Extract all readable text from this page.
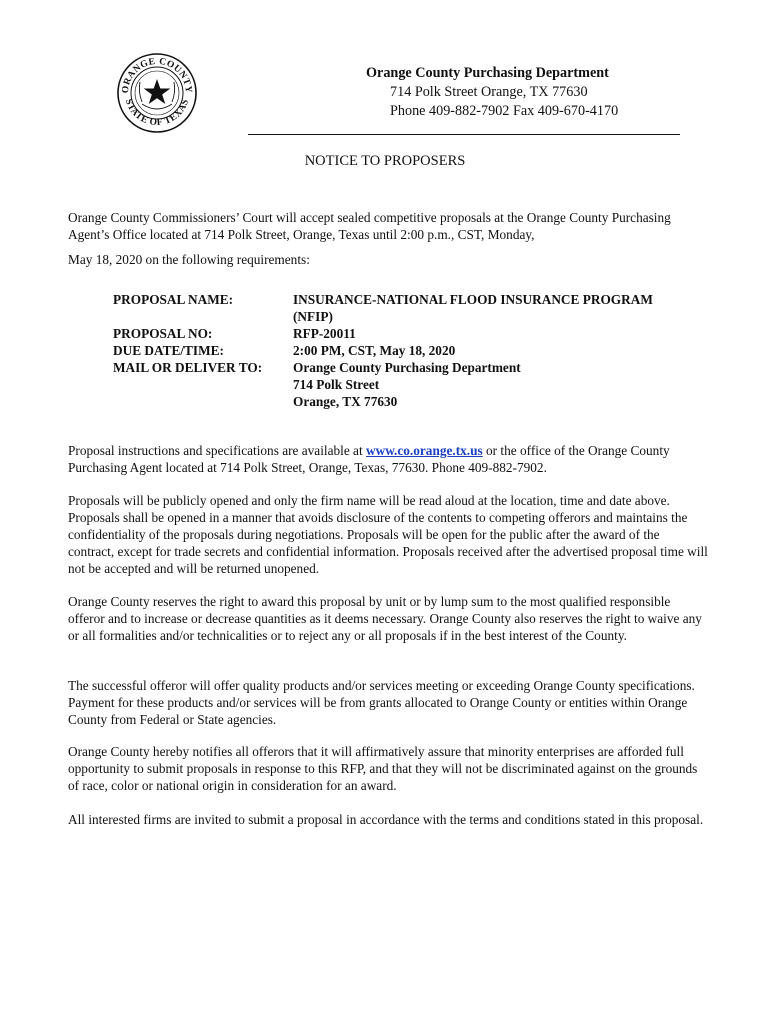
ORANGE COUNTY
STATE OF TEXAS
Orange County Purchasing Department
714 Polk Street Orange, TX 77630
Phone 409-882-7902 Fax 409-670-4170
NOTICE TO PROPOSERS
Orange County Commissioners’ Court will accept sealed competitive proposals at the Orange County Purchasing
Agent’s Office located at 714 Polk Street, Orange, Texas until 2:00 p.m., CST, Monday,
May 18, 2020 on the following requirements:
PROPOSAL NAME:	INSURANCE-NATIONAL FLOOD INSURANCE PROGRAM
(NFIP)
PROPOSAL NO:	RFP-20011
DUE DATE/TIME:	2:00 PM, CST, May 18, 2020
MAIL OR DELIVER TO:	Orange County Purchasing Department
714 Polk Street
Orange, TX 77630

Proposal instructions and specifications are available at www.co.orange.tx.us or the office of the Orange County Purchasing Agent located at 714 Polk Street, Orange, Texas, 77630. Phone 409-882-7902.

Proposals will be publicly opened and only the firm name will be read aloud at the location, time and date above. Proposals shall be opened in a manner that avoids disclosure of the contents to competing offerors and maintains the confidentiality of the proposals during negotiations. Proposals will be open for the public after the award of the contract, except for trade secrets and confidential information. Proposals received after the advertised proposal time will not be accepted and will be returned unopened.

Orange County reserves the right to award this proposal by unit or by lump sum to the most qualified responsible offeror and to increase or decrease quantities as it deems necessary. Orange County also reserves the right to waive any or all formalities and/or technicalities or to reject any or all proposals if in the best interest of the County.

The successful offeror will offer quality products and/or services meeting or exceeding Orange County specifications. Payment for these products and/or services will be from grants allocated to Orange County or entities within Orange County from Federal or State agencies.

Orange County hereby notifies all offerors that it will affirmatively assure that minority enterprises are afforded full opportunity to submit proposals in response to this RFP, and that they will not be discriminated against on the grounds of race, color or national origin in consideration for an award.

All interested firms are invited to submit a proposal in accordance with the terms and conditions stated in this proposal.
